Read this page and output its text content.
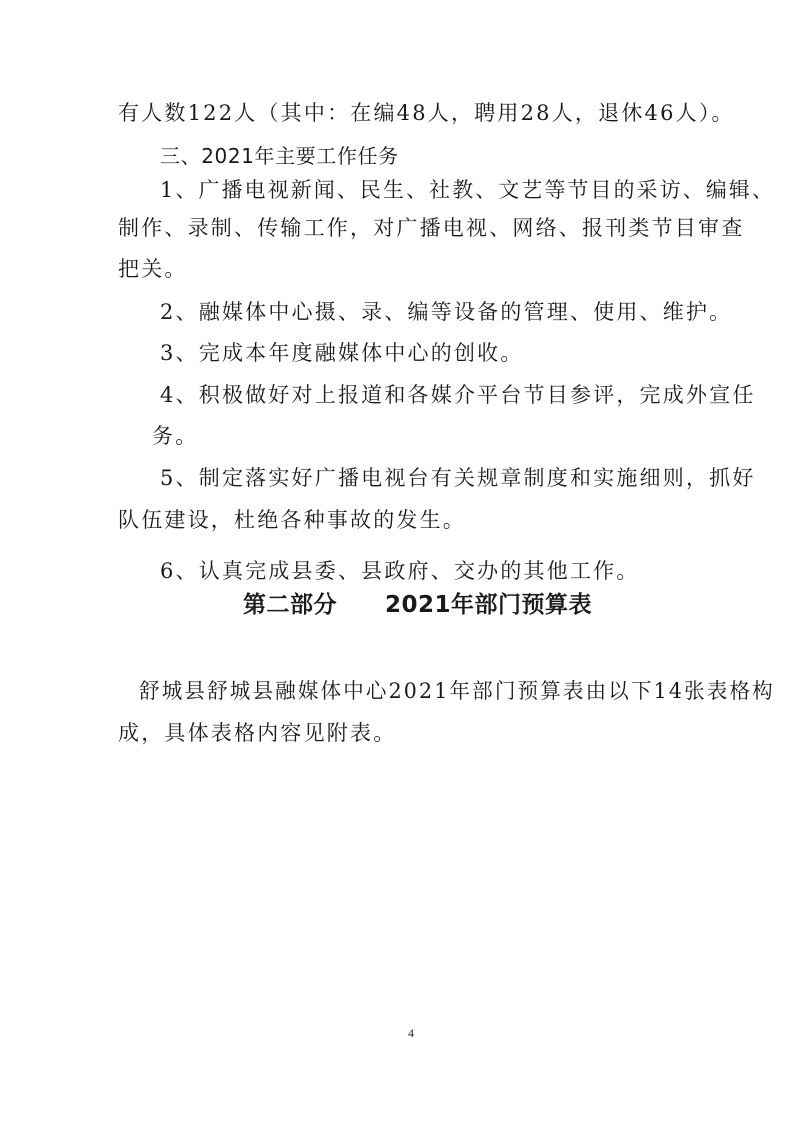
有人数122人（其中：在编48人，聘用28人，退休46人）。
三、2021年主要工作任务
1、广播电视新闻、民生、社教、文艺等节目的采访、编辑、
制作、录制、传输工作，对广播电视、网络、报刊类节目审查
把关。
2、融媒体中心摄、录、编等设备的管理、使用、维护。
3、完成本年度融媒体中心的创收。
4、积极做好对上报道和各媒介平台节目参评，完成外宣任
务。
5、制定落实好广播电视台有关规章制度和实施细则，抓好
队伍建设，杜绝各种事故的发生。
6、认真完成县委、县政府、交办的其他工作。
第二部分 2021年部门预算表
舒城县舒城县融媒体中心2021年部门预算表由以下14张表格构
成，具体表格内容见附表。
4
